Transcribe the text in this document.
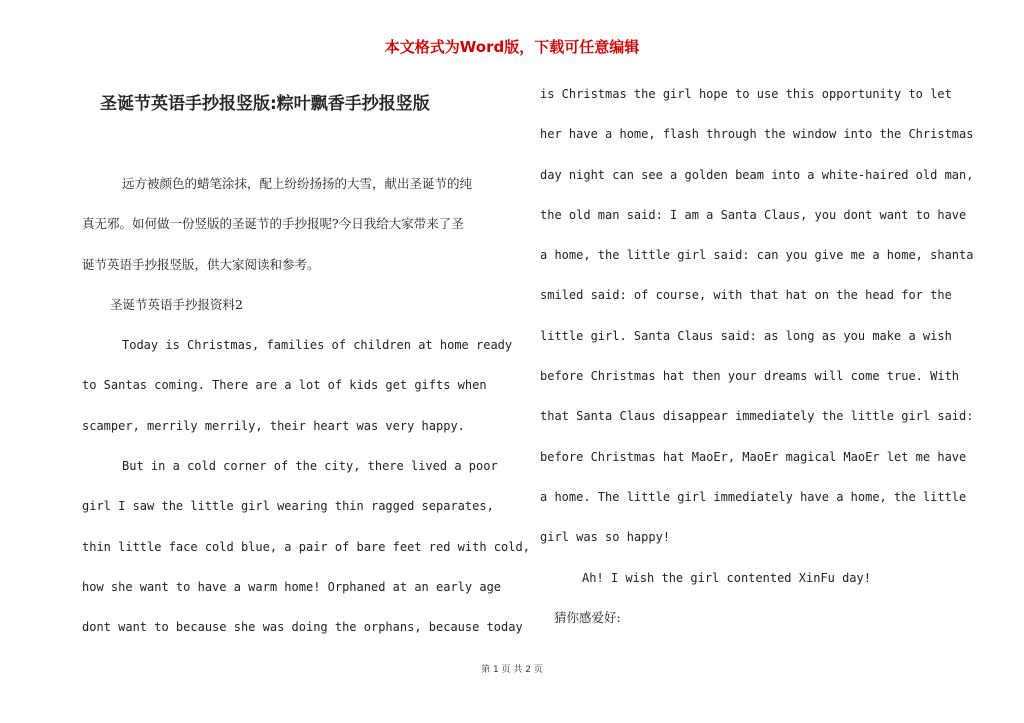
本文格式为Word版，下载可任意编辑
圣诞节英语手抄报竖版:粽叶飘香手抄报竖版
远方被颜色的蜡笔涂抹，配上纷纷扬扬的大雪，献出圣诞节的纯
真无邪。如何做一份竖版的圣诞节的手抄报呢?今日我给大家带来了圣
诞节英语手抄报竖版，供大家阅读和参考。
圣诞节英语手抄报资料2
Today is Christmas, families of children at home ready
to Santas coming. There are a lot of kids get gifts when
scamper, merrily merrily, their heart was very happy.
But in a cold corner of the city, there lived a poor
girl I saw the little girl wearing thin ragged separates,
thin little face cold blue, a pair of bare feet red with cold,
how she want to have a warm home! Orphaned at an early age
dont want to because she was doing the orphans, because today
is Christmas the girl hope to use this opportunity to let
her have a home, flash through the window into the Christmas
day night can see a golden beam into a white-haired old man,
the old man said: I am a Santa Claus, you dont want to have
a home, the little girl said: can you give me a home, shanta
smiled said: of course, with that hat on the head for the
little girl. Santa Claus said: as long as you make a wish
before Christmas hat then your dreams will come true. With
that Santa Claus disappear immediately the little girl said:
before Christmas hat MaoEr, MaoEr magical MaoEr let me have
a home. The little girl immediately have a home, the little
girl was so happy!
Ah! I wish the girl contented XinFu day!
猜你感爱好:
第 1 页 共 2 页
